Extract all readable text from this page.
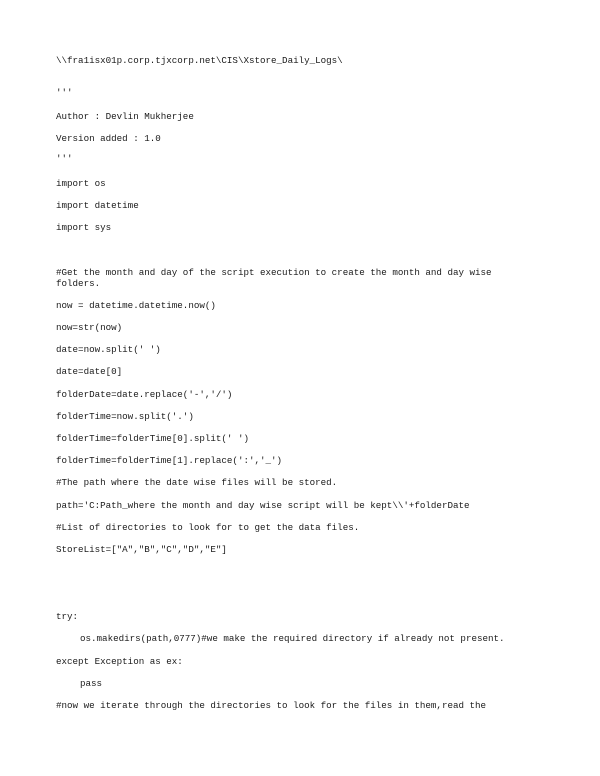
\\fra1isx01p.corp.tjxcorp.net\CIS\Xstore_Daily_Logs\

'''

Author : Devlin Mukherjee

Version added : 1.0

'''

import os

import datetime

import sys

#Get the month and day of the script execution to create the month and day wise folders.

now = datetime.datetime.now()

now=str(now)

date=now.split(' ')

date=date[0]

folderDate=date.replace('-','/')

folderTime=now.split('.')

folderTime=folderTime[0].split(' ')

folderTime=folderTime[1].replace(':','_')

#The path where the date wise files will be stored.

path='C:Path_where the month and day wise script will be kept\\'+folderDate

#List of directories to look for to get the data files.

StoreList=["A","B","C","D","E"]

try:

os.makedirs(path,0777)#we make the required directory if already not present.

except Exception as ex:

pass

#now we iterate through the directories to look for the files in them,read the
